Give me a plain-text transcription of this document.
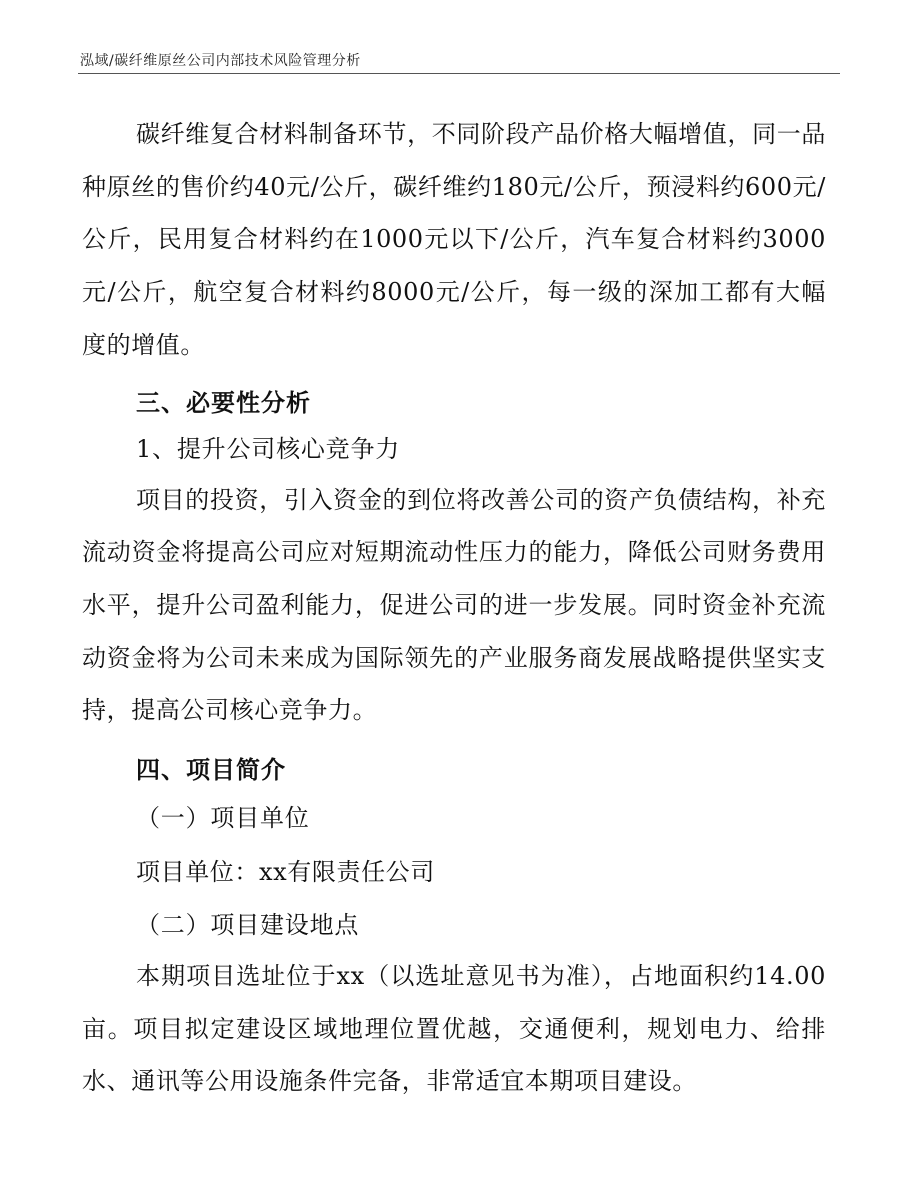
泓域/碳纤维原丝公司内部技术风险管理分析

碳纤维复合材料制备环节，不同阶段产品价格大幅增值，同一品种原丝的售价约40元/公斤，碳纤维约180元/公斤，预浸料约600元/公斤，民用复合材料约在1000元以下/公斤，汽车复合材料约3000元/公斤，航空复合材料约8000元/公斤，每一级的深加工都有大幅度的增值。

三、必要性分析

1、提升公司核心竞争力

项目的投资，引入资金的到位将改善公司的资产负债结构，补充流动资金将提高公司应对短期流动性压力的能力，降低公司财务费用水平，提升公司盈利能力，促进公司的进一步发展。同时资金补充流动资金将为公司未来成为国际领先的产业服务商发展战略提供坚实支持，提高公司核心竞争力。

四、项目简介

（一）项目单位

项目单位：xx有限责任公司

（二）项目建设地点

本期项目选址位于xx（以选址意见书为准），占地面积约14.00亩。项目拟定建设区域地理位置优越，交通便利，规划电力、给排水、通讯等公用设施条件完备，非常适宜本期项目建设。
